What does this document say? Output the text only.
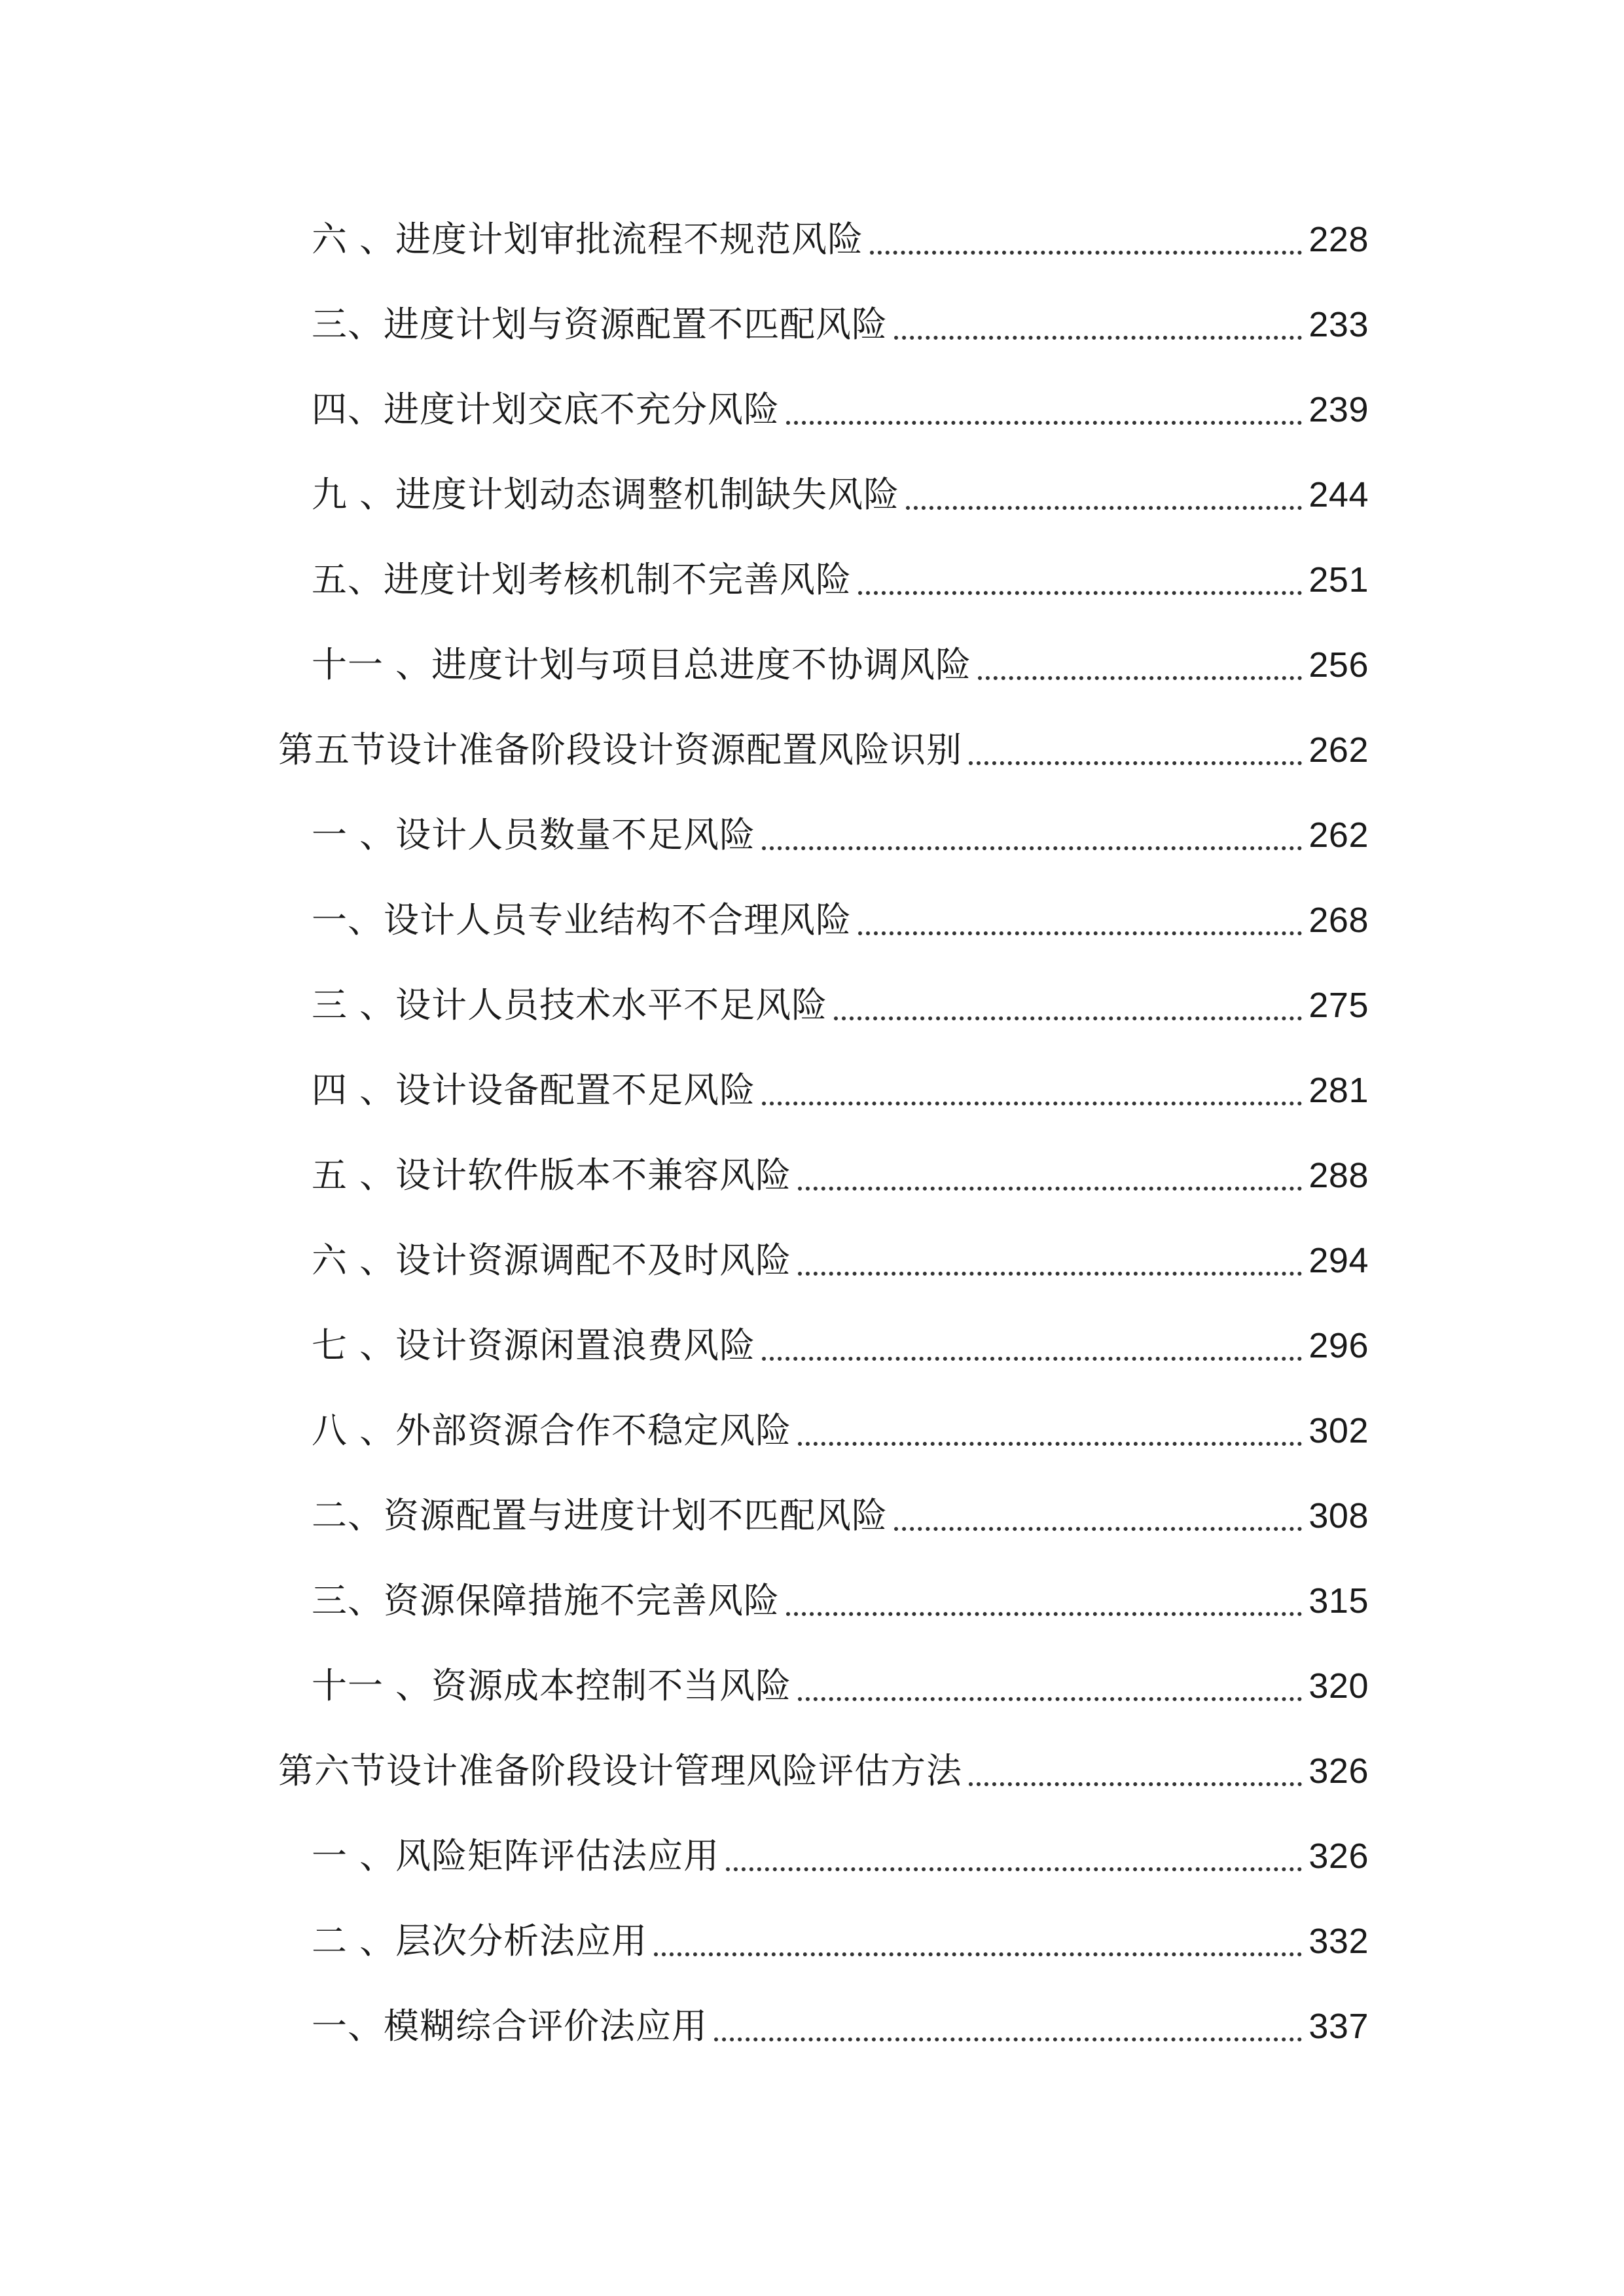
六 、进度计划审批流程不规范风险	228
三、进度计划与资源配置不匹配风险	233
四、进度计划交底不充分风险	239
九 、进度计划动态调整机制缺失风险	244
五、进度计划考核机制不完善风险	251
十一 、进度计划与项目总进度不协调风险	256
第五节设计准备阶段设计资源配置风险识别	262
一 、设计人员数量不足风险	262
一、设计人员专业结构不合理风险	268
三 、设计人员技术水平不足风险	275
四 、设计设备配置不足风险	281
五 、设计软件版本不兼容风险	288
六 、设计资源调配不及时风险	294
七 、设计资源闲置浪费风险	296
八 、外部资源合作不稳定风险	302
二、资源配置与进度计划不匹配风险	308
三、资源保障措施不完善风险	315
十一 、资源成本控制不当风险	320
第六节设计准备阶段设计管理风险评估方法	326
一 、风险矩阵评估法应用	326
二 、层次分析法应用	332
一、模糊综合评价法应用	337
